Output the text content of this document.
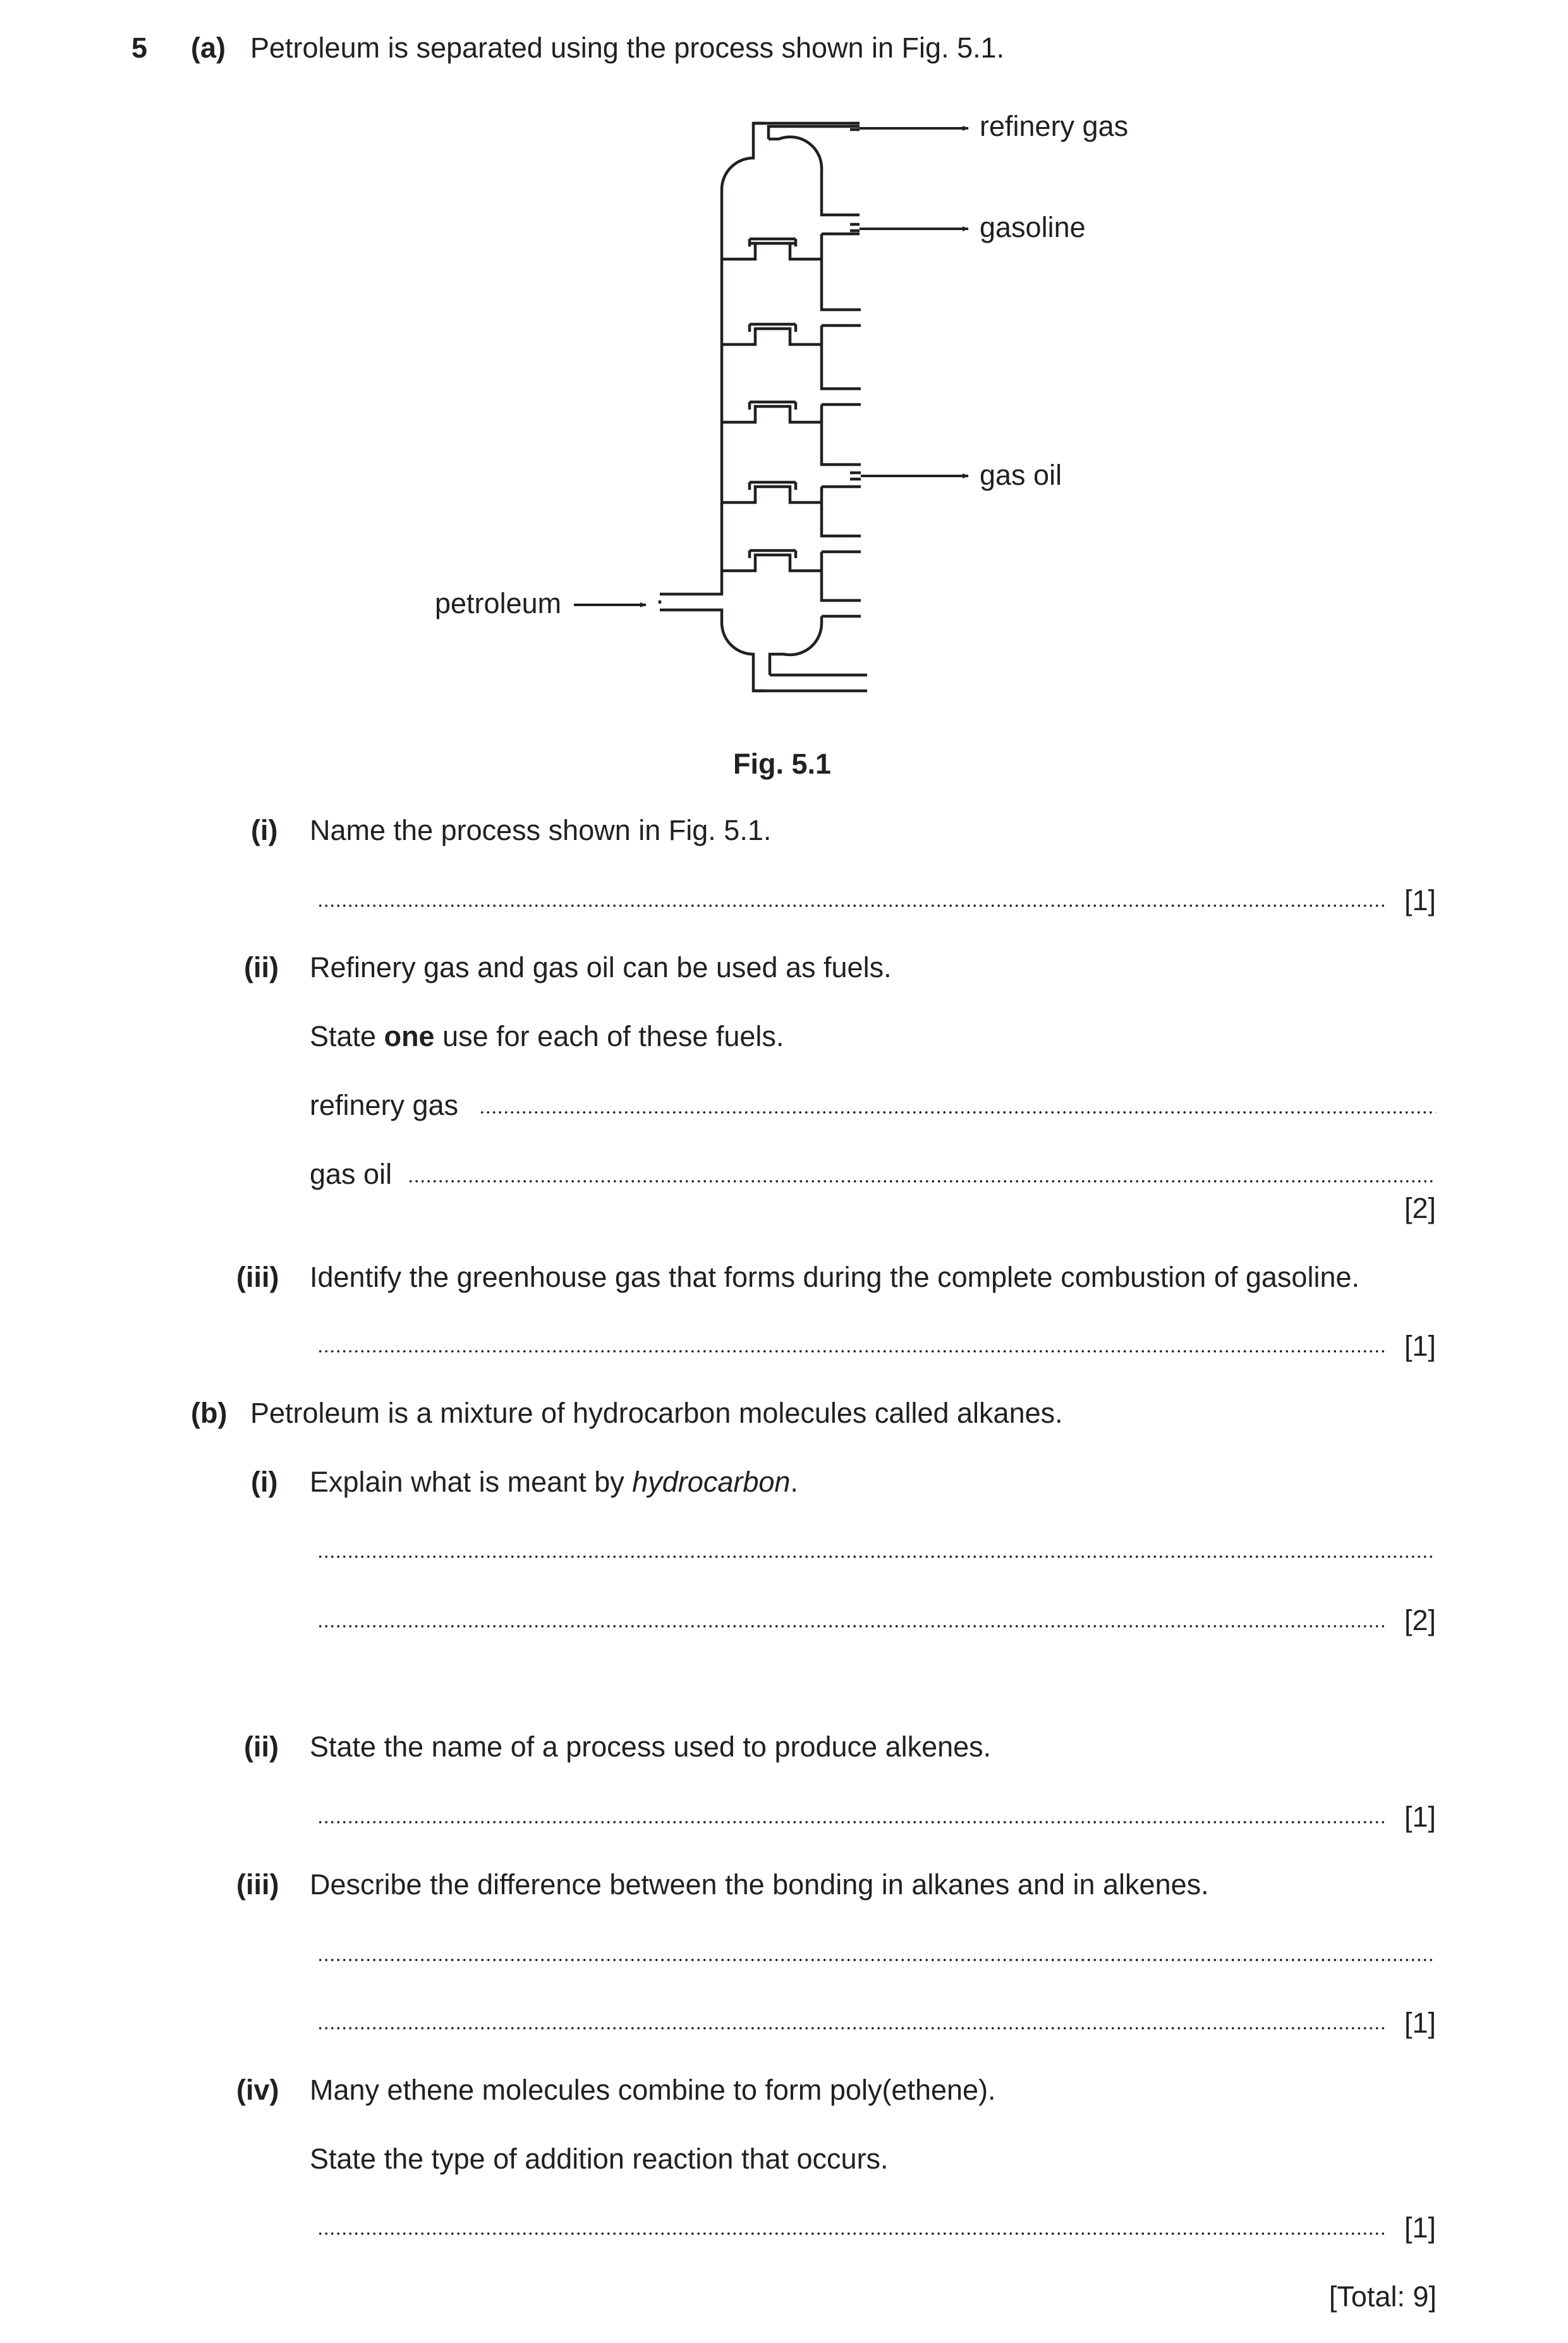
5 (a) Petroleum is separated using the process shown in Fig. 5.1.
refinery gas
gasoline
gas oil
petroleum
Fig. 5.1
(i) Name the process shown in Fig. 5.1.
[1]
(ii) Refinery gas and gas oil can be used as fuels.
State one use for each of these fuels.
refinery gas
gas oil
[2]
(iii) Identify the greenhouse gas that forms during the complete combustion of gasoline.
[1]
(b) Petroleum is a mixture of hydrocarbon molecules called alkanes.
(i) Explain what is meant by hydrocarbon.
[2]
(ii) State the name of a process used to produce alkenes.
[1]
(iii) Describe the difference between the bonding in alkanes and in alkenes.
[1]
(iv) Many ethene molecules combine to form poly(ethene).
State the type of addition reaction that occurs.
[1]
[Total: 9]
